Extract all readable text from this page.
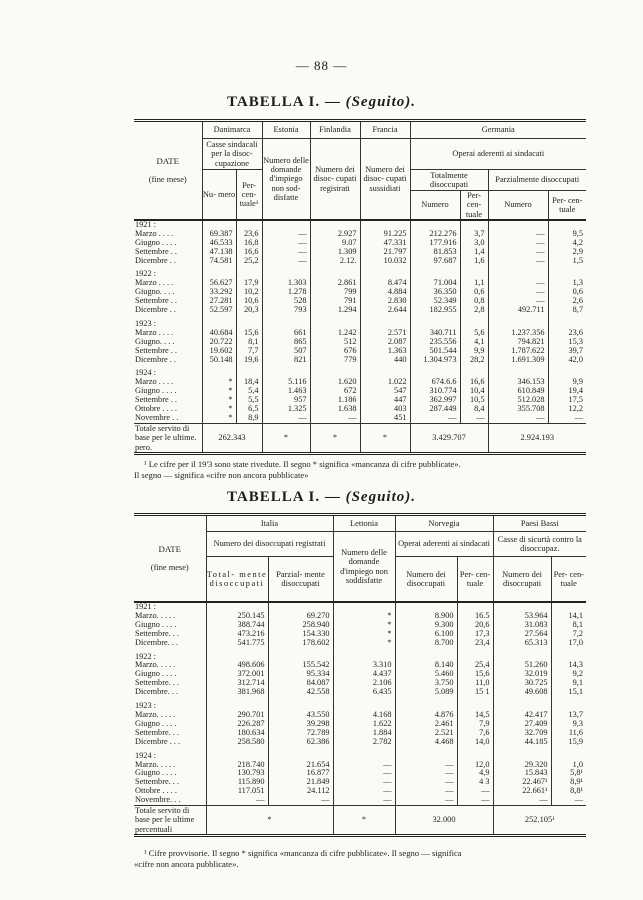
— 88 —
TABELLA I. — (Seguito).
DATE

(fine mese)	Danimarca		Estonia	Finlandia	Francia	Germania			
	Casse sindacali per la disoc- cupazione		Numero delle domande d'impiego non sod- disfatte	Numero dei disoc- cupati registrati	Numero dei disoc- cupati sussidiati	Operai aderenti ai sindacati			
	Nu- mero	Per- cen- tuale¹				Totalmente disoccupati		Parzialmente disoccupati	
						Numero	Per- cen- tuale	Numero	Per- cen- tuale

1921 :									
Marzo . . . .	69.387	23,6	—	2.927	91.225	212.276	3,7	—	9,5
Giugno . . . .	46.533	16,8	—	9.07	47.331	177.916	3,0	—	4,2
Settembre . .	47.138	16,6	—	1.309	21.797	81.853	1,4	—	2,9
Dicembre . .	74.581	25,2	—	2.12.	10.032	97.687	1,6	—	1,5

1922 :									
Marzo . . . .	56.627	17,9	1.303	2.861	8.474	71.004	1,1	—	1,3
Giugno. . . .	33.292	10,2	1.278	799	4.884	36.350	0,6	—	0,6
Settembre . .	27.281	10,6	528	791	2.830	52.349	0,8	—	2,6
Dicembre . .	52.597	20,3	793	1.294	2.644	182.955	2,8	492.711	8,7

1923 :									
Marzo . . . .	40.684	15,6	661	1.242	2.571	340.711	5,6	1.237.356	23,6
Giugno. . . .	20.722	8,1	865	512	2.087	235.556	4,1	794.821	15,3
Settembre . .	19.602	7,7	507	676	1.363	501.544	9,9	1.787.622	39,7
Dicembre . .	50.148	19,6	821	779	440	1.304.973	28,2	1.691.309	42,0

1924 :									
Marzo . . . .	*	18,4	5.116	1.620	1.022	674.6.6	16,6	346.153	9,9
Giugno . . . .	*	5,4	1.463	672	547	310.774	10,4	610.849	19,4
Settembre . .	*	5,5	957	1.186	447	362.997	10,5	512.028	17,5
Ottobre . . . .	*	6,5	1.325	1.638	403	287.449	8,4	355.708	12,2
Novembre . .	*	8,9	—	—	451	—	—	—	—
Totale servito di base per le ultime. pero.	262.343		*	*	*	3.429.707		2.924.193	

¹ Le cifre per il 19'3 sono state rivedute. Il segno * significa «mancanza di cifre pubblicate».
Il segno — significa «cifre non ancora pubblicate»
TABELLA I. — (Seguito).
DATE

(fine mese)	Italia		Lettonia	Norvegia		Paesi Bassi	
	Numero dei disoccupati registrati		Numero delle domande d'impiego non soddisfatte	Operai aderenti ai sindacati		Casse di sicurtà contro la disoccupaz.	
	Total- mente disoccupati	Parzial- mente disoccupati		Numero dei disoccupati	Per- cen- tuale	Numero dei disoccupati	Per- cen- tuale

1921 :							
Marzo. . . . .	250.145	69.270	*	8.900	16.5	53.964	14,1
Giugno . . . .	388.744	258.940	*	9.300	20,6	31.083	8,1
Settembre. . .	473.216	154.330	*	6.100	17,3	27.564	7,2
Dicembre. . .	541.775	178.602	*	8.700	23,4	65.313	17,0

1922 :							
Marzo. . . . .	498.606	155.542	3.310	8.140	25,4	51.260	14,3
Giugno . . . .	372.001	95.334	4.437	5.460	15,6	32.019	9,2
Settembre. . .	312.714	84.087	2.106	3.750	11,0	30.725	9,1
Dicembre. . .	381.968	42.558	6.435	5.089	15 1	49.608	15,1

1923 :							
Marzo. . . . .	290.701	43.550	4.168	4.876	14,5	42.417	13,7
Giugno . . . .	226.287	39.298	1.622	2.461	7,9	27.409	9,3
Settembre. . .	180.634	72.789	1.884	2.521	7,6	32.709	11,6
Dicembre . . .	258.580	62.386	2.782	4.468	14,0	44.185	15,9

1924 :							
Marzo. . . . .	218.740	21.654	—	—	12,0	29.320	1,0
Giugno . . . .	130.793	16.877	—	—	4,9	15.843	5,8¹
Settembre. . .	115.890	21.849	—	—	4 3	22.467¹	8,9¹
Ottobre . . . .	117.051	24.112	—	—	—	22.661¹	8,8¹
Novembre. . .	—	—	—	—	—	—	—
Totale servito di base per le ultime percentuali	*		*	32.000		252.105¹	

¹ Cifre provvisorie. Il segno * significa «mancanza di cifre pubblicate». Il segno — significa
«cifre non ancora pubblicate».
